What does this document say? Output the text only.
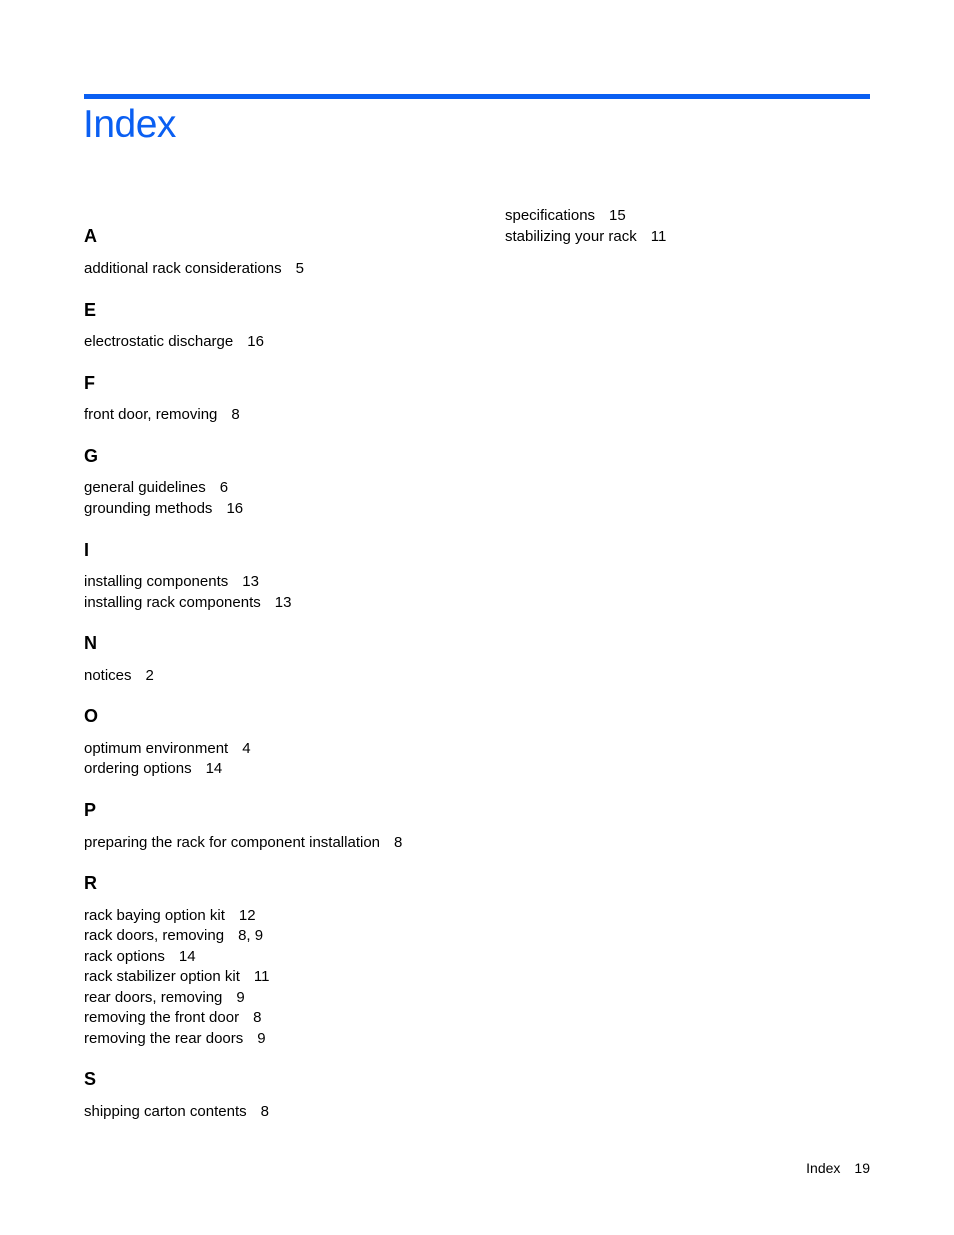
Index
A
additional rack considerations 5
E
electrostatic discharge 16
F
front door, removing 8
G
general guidelines 6
grounding methods 16
I
installing components 13
installing rack components 13
N
notices 2
O
optimum environment 4
ordering options 14
P
preparing the rack for component installation 8
R
rack baying option kit 12
rack doors, removing 8, 9
rack options 14
rack stabilizer option kit 11
rear doors, removing 9
removing the front door 8
removing the rear doors 9
S
shipping carton contents 8
specifications 15
stabilizing your rack 11
Index 19
